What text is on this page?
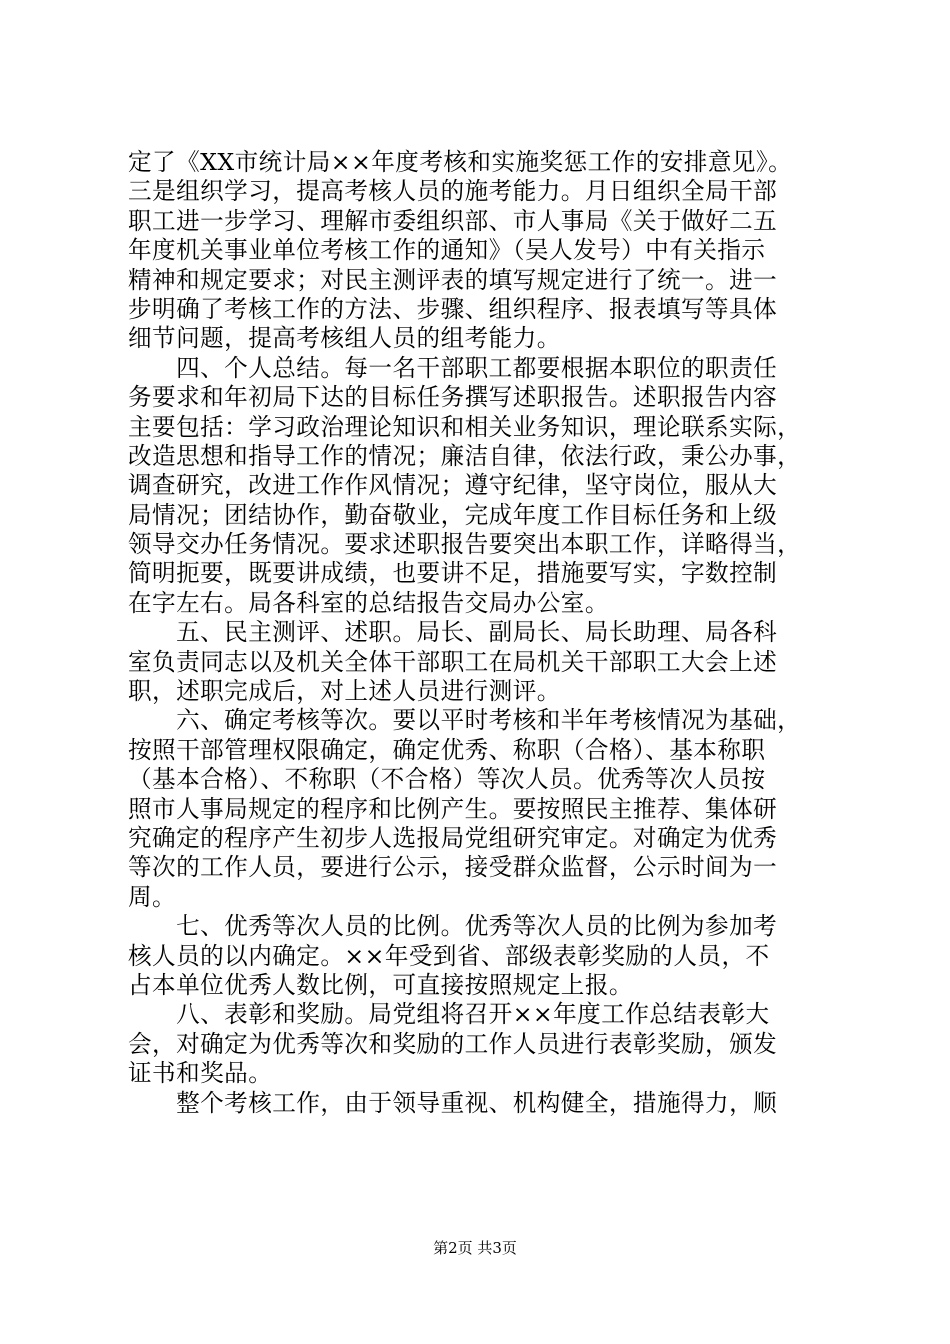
定了《XX市统计局××年度考核和实施奖惩工作的安排意见》。
三是组织学习，提高考核人员的施考能力。月日组织全局干部
职工进一步学习、理解市委组织部、市人事局《关于做好二五
年度机关事业单位考核工作的通知》（吴人发号）中有关指示
精神和规定要求；对民主测评表的填写规定进行了统一。进一
步明确了考核工作的方法、步骤、组织程序、报表填写等具体
细节问题，提高考核组人员的组考能力。
　　四、个人总结。每一名干部职工都要根据本职位的职责任
务要求和年初局下达的目标任务撰写述职报告。述职报告内容
主要包括：学习政治理论知识和相关业务知识，理论联系实际，
改造思想和指导工作的情况；廉洁自律，依法行政，秉公办事，
调查研究，改进工作作风情况；遵守纪律，坚守岗位，服从大
局情况；团结协作，勤奋敬业，完成年度工作目标任务和上级
领导交办任务情况。要求述职报告要突出本职工作，详略得当，
简明扼要，既要讲成绩，也要讲不足，措施要写实，字数控制
在字左右。局各科室的总结报告交局办公室。
　　五、民主测评、述职。局长、副局长、局长助理、局各科
室负责同志以及机关全体干部职工在局机关干部职工大会上述
职，述职完成后，对上述人员进行测评。
　　六、确定考核等次。要以平时考核和半年考核情况为基础，
按照干部管理权限确定，确定优秀、称职（合格）、基本称职
（基本合格）、不称职（不合格）等次人员。优秀等次人员按
照市人事局规定的程序和比例产生。要按照民主推荐、集体研
究确定的程序产生初步人选报局党组研究审定。对确定为优秀
等次的工作人员，要进行公示，接受群众监督，公示时间为一
周。
　　七、优秀等次人员的比例。优秀等次人员的比例为参加考
核人员的以内确定。××年受到省、部级表彰奖励的人员，不
占本单位优秀人数比例，可直接按照规定上报。
　　八、表彰和奖励。局党组将召开××年度工作总结表彰大
会，对确定为优秀等次和奖励的工作人员进行表彰奖励，颁发
证书和奖品。
　　整个考核工作，由于领导重视、机构健全，措施得力，顺
第2页 共3页
